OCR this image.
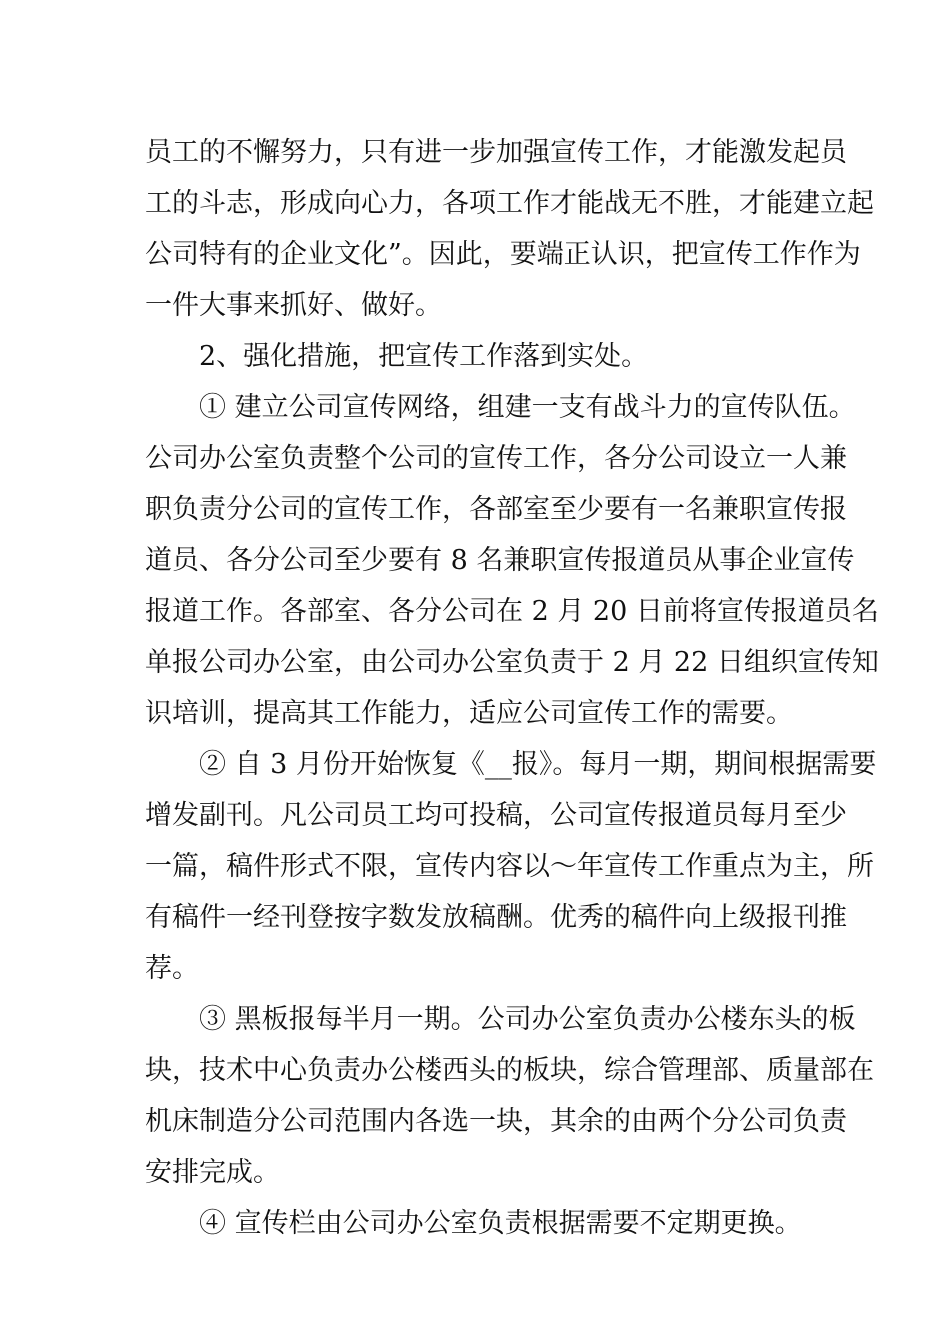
员工的不懈努力，只有进一步加强宣传工作，才能激发起员
工的斗志，形成向心力，各项工作才能战无不胜，才能建立起
公司特有的企业文化”。因此，要端正认识，把宣传工作作为
一件大事来抓好、做好。
2、强化措施，把宣传工作落到实处。
① 建立公司宣传网络，组建一支有战斗力的宣传队伍。
公司办公室负责整个公司的宣传工作，各分公司设立一人兼
职负责分公司的宣传工作，各部室至少要有一名兼职宣传报
道员、各分公司至少要有 8 名兼职宣传报道员从事企业宣传
报道工作。各部室、各分公司在 2 月 20 日前将宣传报道员名
单报公司办公室，由公司办公室负责于 2 月 22 日组织宣传知
识培训，提高其工作能力，适应公司宣传工作的需要。
② 自 3 月份开始恢复《__报》。每月一期，期间根据需要
增发副刊。凡公司员工均可投稿，公司宣传报道员每月至少
一篇，稿件形式不限，宣传内容以～年宣传工作重点为主，所
有稿件一经刊登按字数发放稿酬。优秀的稿件向上级报刊推
荐。
③ 黑板报每半月一期。公司办公室负责办公楼东头的板
块，技术中心负责办公楼西头的板块，综合管理部、质量部在
机床制造分公司范围内各选一块，其余的由两个分公司负责
安排完成。
④ 宣传栏由公司办公室负责根据需要不定期更换。
